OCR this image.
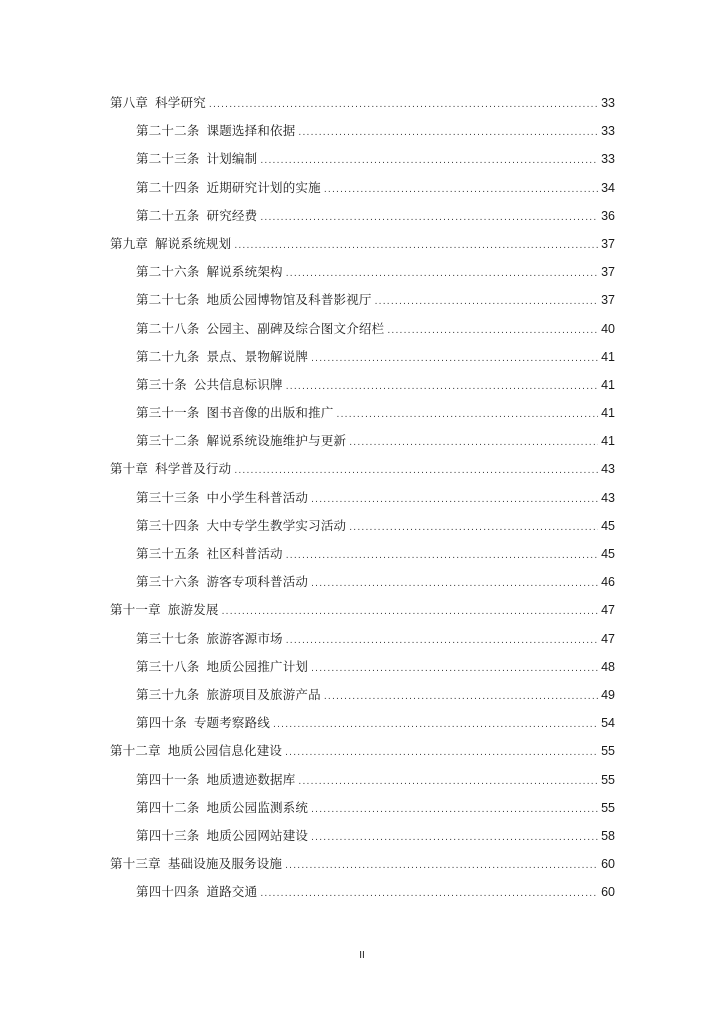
第八章 科学研究 .....	33
第二十二条 课题选择和依据 .....	33
第二十三条 计划编制 .....	33
第二十四条 近期研究计划的实施 .....	34
第二十五条 研究经费 .....	36
第九章 解说系统规划 .....	37
第二十六条 解说系统架构 .....	37
第二十七条 地质公园博物馆及科普影视厅 .....	37
第二十八条 公园主、副碑及综合图文介绍栏 .....	40
第二十九条 景点、景物解说牌 .....	41
第三十条 公共信息标识牌 .....	41
第三十一条 图书音像的出版和推广 .....	41
第三十二条 解说系统设施维护与更新 .....	41
第十章 科学普及行动 .....	43
第三十三条 中小学生科普活动 .....	43
第三十四条 大中专学生教学实习活动 .....	45
第三十五条 社区科普活动 .....	45
第三十六条 游客专项科普活动 .....	46
第十一章 旅游发展 .....	47
第三十七条 旅游客源市场 .....	47
第三十八条 地质公园推广计划 .....	48
第三十九条 旅游项目及旅游产品 .....	49
第四十条 专题考察路线 .....	54
第十二章 地质公园信息化建设 .....	55
第四十一条 地质遗迹数据库 .....	55
第四十二条 地质公园监测系统 .....	55
第四十三条 地质公园网站建设 .....	58
第十三章 基础设施及服务设施 .....	60
第四十四条 道路交通 .....	60
II
